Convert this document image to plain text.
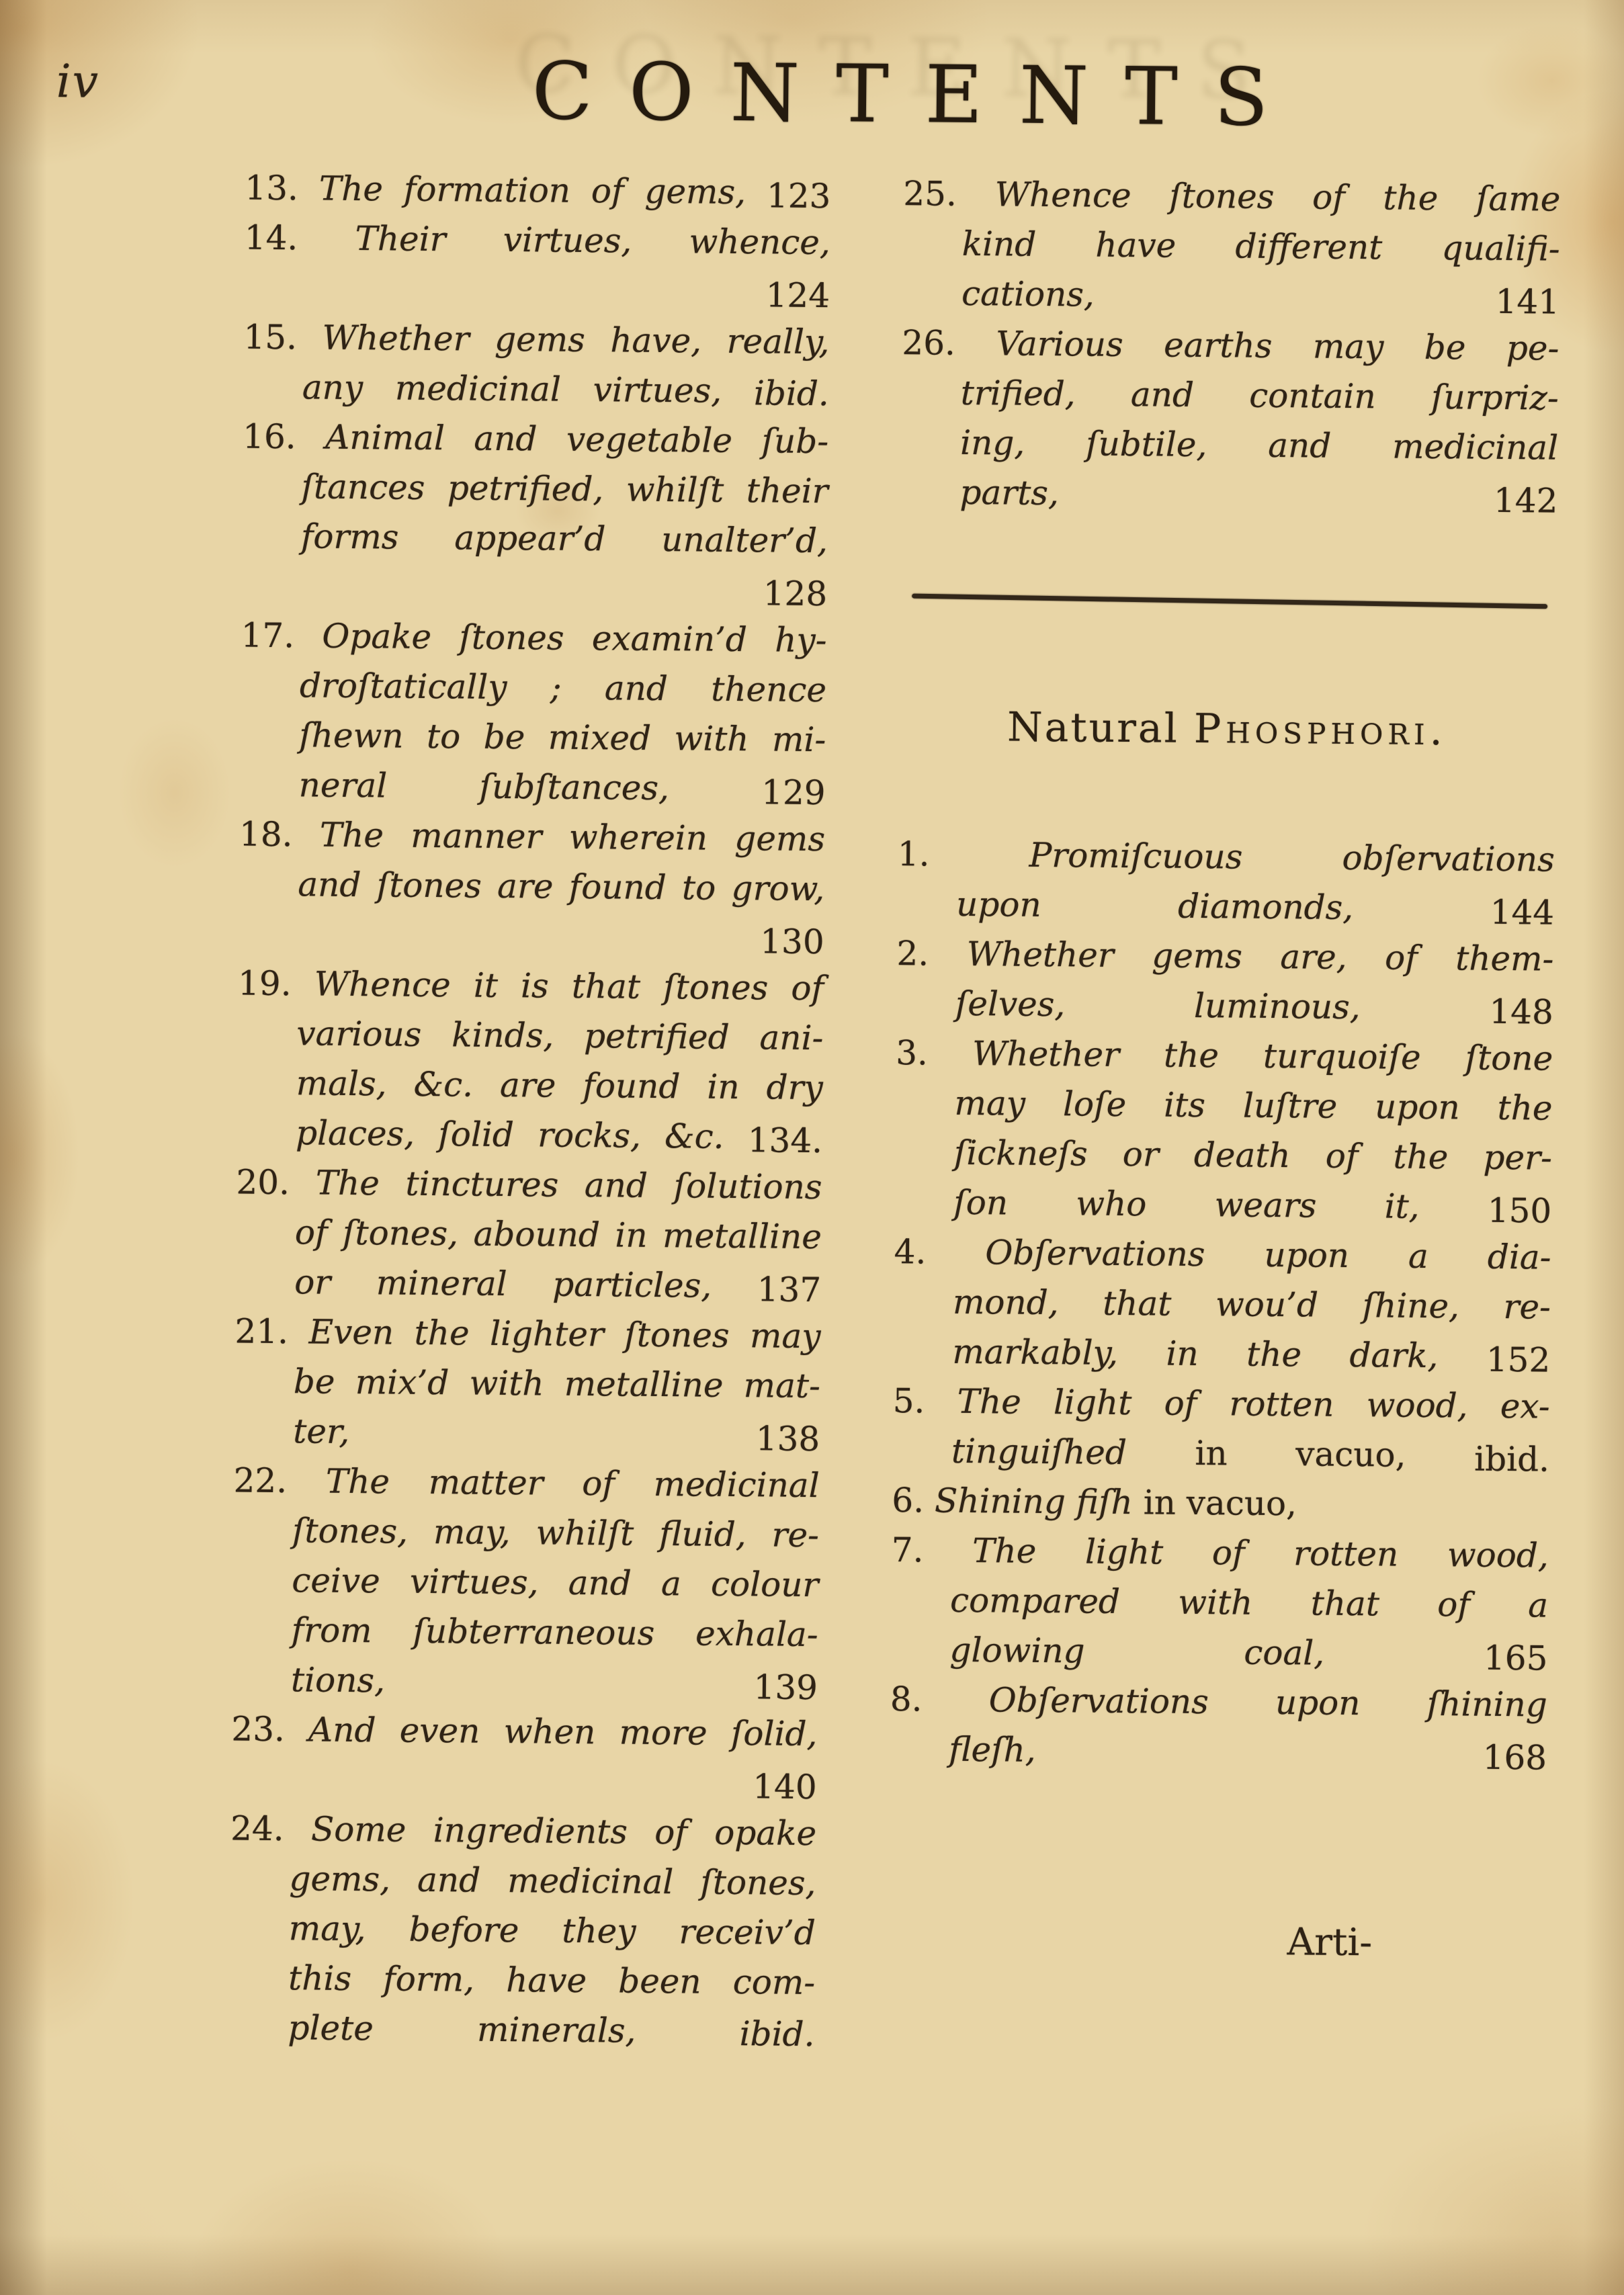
iv	CONTENTS
13. The formation of gems, 123
14. Their virtues, whence,
124
15. Whether gems have, really,
any medicinal virtues, ibid.
16. Animal and vegetable ſub-
ſtances petrified, whilſt their
forms appear’d unalter’d,
128
17. Opake ſtones examin’d hy-
droſtatically ; and thence
ſhewn to be mixed with mi-
neral ſubſtances, 129
18. The manner wherein gems
and ſtones are found to grow,
130
19. Whence it is that ſtones of
various kinds, petrified ani-
mals, &c. are found in dry
places, ſolid rocks, &c. 134.
20. The tinctures and ſolutions
of ſtones, abound in metalline
or mineral particles, 137
21. Even the lighter ſtones may
be mix’d with metalline mat-
ter, 138
22. The matter of medicinal
ſtones, may, whilſt fluid, re-
ceive virtues, and a colour
from ſubterraneous exhala-
tions, 139
23. And even when more ſolid,
140
24. Some ingredients of opake
gems, and medicinal ſtones,
may, before they receiv’d
this form, have been com-
plete minerals, ibid.
25. Whence ſtones of the ſame
kind have different qualifi-
cations, 141
26. Various earths may be pe-
trified, and contain ſurpriz-
ing, ſubtile, and medicinal
parts, 142
Natural Phosphori.
1. Promiſcuous obſervations
upon diamonds, 144
2. Whether gems are, of them-
ſelves, luminous, 148
3. Whether the turquoiſe ſtone
may loſe its luſtre upon the
ſickneſs or death of the per-
ſon who wears it, 150
4. Obſervations upon a dia-
mond, that wou’d ſhine, re-
markably, in the dark, 152
5. The light of rotten wood, ex-
tinguiſhed in vacuo, ibid.
6. Shining fiſh in vacuo,
7. The light of rotten wood,
compared with that of a
glowing coal, 165
8. Obſervations upon ſhining
fleſh, 168
Arti-
